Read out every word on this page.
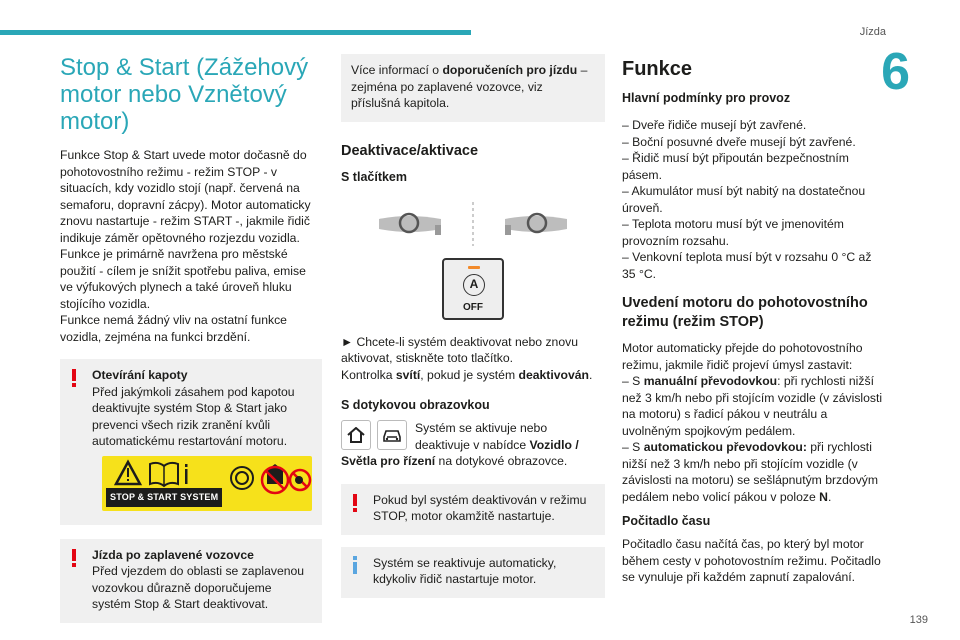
Jízda
6
139
Stop & Start (Zážehový motor nebo Vznětový motor)

Funkce Stop & Start uvede motor dočasně do pohotovostního režimu - režim STOP - v situacích, kdy vozidlo stojí (např. červená na semaforu, dopravní zácpy). Motor automaticky znovu nastartuje - režim START -, jakmile řidič indikuje záměr opětovného rozjezdu vozidla.

Funkce je primárně navržena pro městské použití - cílem je snížit spotřebu paliva, emise ve výfukových plynech a také úroveň hluku stojícího vozidla.

Funkce nemá žádný vliv na ostatní funkce vozidla, zejména na funkci brzdění.

Otevírání kapoty

Před jakýmkoli zásahem pod kapotou deaktivujte systém Stop & Start jako prevenci všech rizik zranění kvůli automatickému restartování motoru.

STOP & START SYSTEM

Jízda po zaplavené vozovce

Před vjezdem do oblasti se zaplavenou vozovkou důrazně doporučujeme systém Stop & Start deaktivovat.

Více informací o doporučeních pro jízdu – zejména po zaplavené vozovce, viz příslušná kapitola.

Deaktivace/aktivace
S tlačítkem
A
OFF

► Chcete-li systém deaktivovat nebo znovu aktivovat, stiskněte toto tlačítko.

Kontrolka svítí, pokud je systém deaktivován.

S dotykovou obrazovkou

Systém se aktivuje nebo deaktivuje v nabídce Vozidlo / Světla pro řízení na dotykové obrazovce.

Pokud byl systém deaktivován v režimu STOP, motor okamžitě nastartuje.

Systém se reaktivuje automaticky, kdykoliv řidič nastartuje motor.

Funkce
Hlavní podmínky pro provoz

– Dveře řidiče musejí být zavřené.

– Boční posuvné dveře musejí být zavřené.

– Řidič musí být připoután bezpečnostním pásem.

– Akumulátor musí být nabitý na dostatečnou úroveň.

– Teplota motoru musí být ve jmenovitém provozním rozsahu.

– Venkovní teplota musí být v rozsahu 0 °C až 35 °C.

Uvedení motoru do pohotovostního režimu (režim STOP)

Motor automaticky přejde do pohotovostního režimu, jakmile řidič projeví úmysl zastavit:

– S manuální převodovkou: při rychlosti nižší než 3 km/h nebo při stojícím vozidle (v závislosti na motoru) s řadicí pákou v neutrálu a uvolněným spojkovým pedálem.

– S automatickou převodovkou: při rychlosti nižší než 3 km/h nebo při stojícím vozidle (v závislosti na motoru) se sešlápnutým brzdovým pedálem nebo volicí pákou v poloze N.

Počitadlo času

Počitadlo času načítá čas, po který byl motor během cesty v pohotovostním režimu. Počitadlo se vynuluje při každém zapnutí zapalování.
